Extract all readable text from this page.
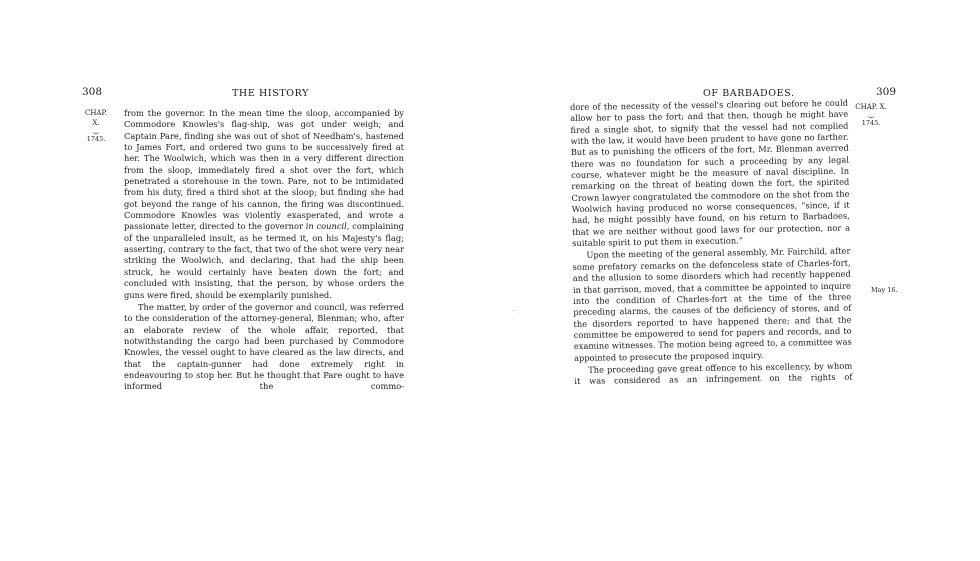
308	THE HISTORY
CHAP. X.
⏟
1745.

from the governor. In the mean time the sloop, accompanied by Commodore Knowles's flag-ship, was got under weigh; and Captain Pare, finding she was out of shot of Needham's, hastened to James Fort, and ordered two guns to be successively fired at her. The Woolwich, which was then in a very different direction from the sloop, immediately fired a shot over the fort, which penetrated a storehouse in the town. Pare, not to be intimidated from his duty, fired a third shot at the sloop; but finding she had got beyond the range of his cannon, the firing was discontinued. Commodore Knowles was violently exasperated, and wrote a passionate letter, directed to the governor in council, complaining of the unparalleled insult, as he termed it, on his Majesty's flag; asserting, contrary to the fact, that two of the shot were very near striking the Woolwich, and declaring, that had the ship been struck, he would certainly have beaten down the fort; and concluded with insisting, that the person, by whose orders the guns were fired, should be exemplarily punished.

The matter, by order of the governor and council, was referred to the consideration of the attorney-general, Blenman; who, after an elaborate review of the whole affair, reported, that notwithstanding the cargo had been purchased by Commodore Knowles, the vessel ought to have cleared as the law directs, and that the captain-gunner had done extremely right in endeavouring to stop her. But he thought that Pare ought to have informed the commo-

‒ˎ
OF BARBADOES.	309
CHAP. X.
⏟
1745.
May 16.

dore of the necessity of the vessel's clearing out before he could allow her to pass the fort; and that then, though he might have fired a single shot, to signify that the vessel had not complied with the law, it would have been prudent to have gone no farther. But as to punishing the officers of the fort, Mr. Blenman averred there was no foundation for such a proceeding by any legal course, whatever might be the measure of naval discipline. In remarking on the threat of beating down the fort, the spirited Crown lawyer congratulated the commodore on the shot from the Woolwich having produced no worse consequences, “since, if it had, he might possibly have found, on his return to Barbadoes, that we are neither without good laws for our protection, nor a suitable spirit to put them in execution.”

Upon the meeting of the general assembly, Mr. Fairchild, after some prefatory remarks on the defenceless state of Charles-fort, and the allusion to some disorders which had recently happened in that garrison, moved, that a committee be appointed to inquire into the condition of Charles-fort at the time of the three preceding alarms, the causes of the deficiency of stores, and of the disorders reported to have happened there; and that the committee be empowered to send for papers and records, and to examine witnesses. The motion being agreed to, a committee was appointed to prosecute the proposed inquiry.

The proceeding gave great offence to his excellency, by whom it was considered as an infringement on the rights of
